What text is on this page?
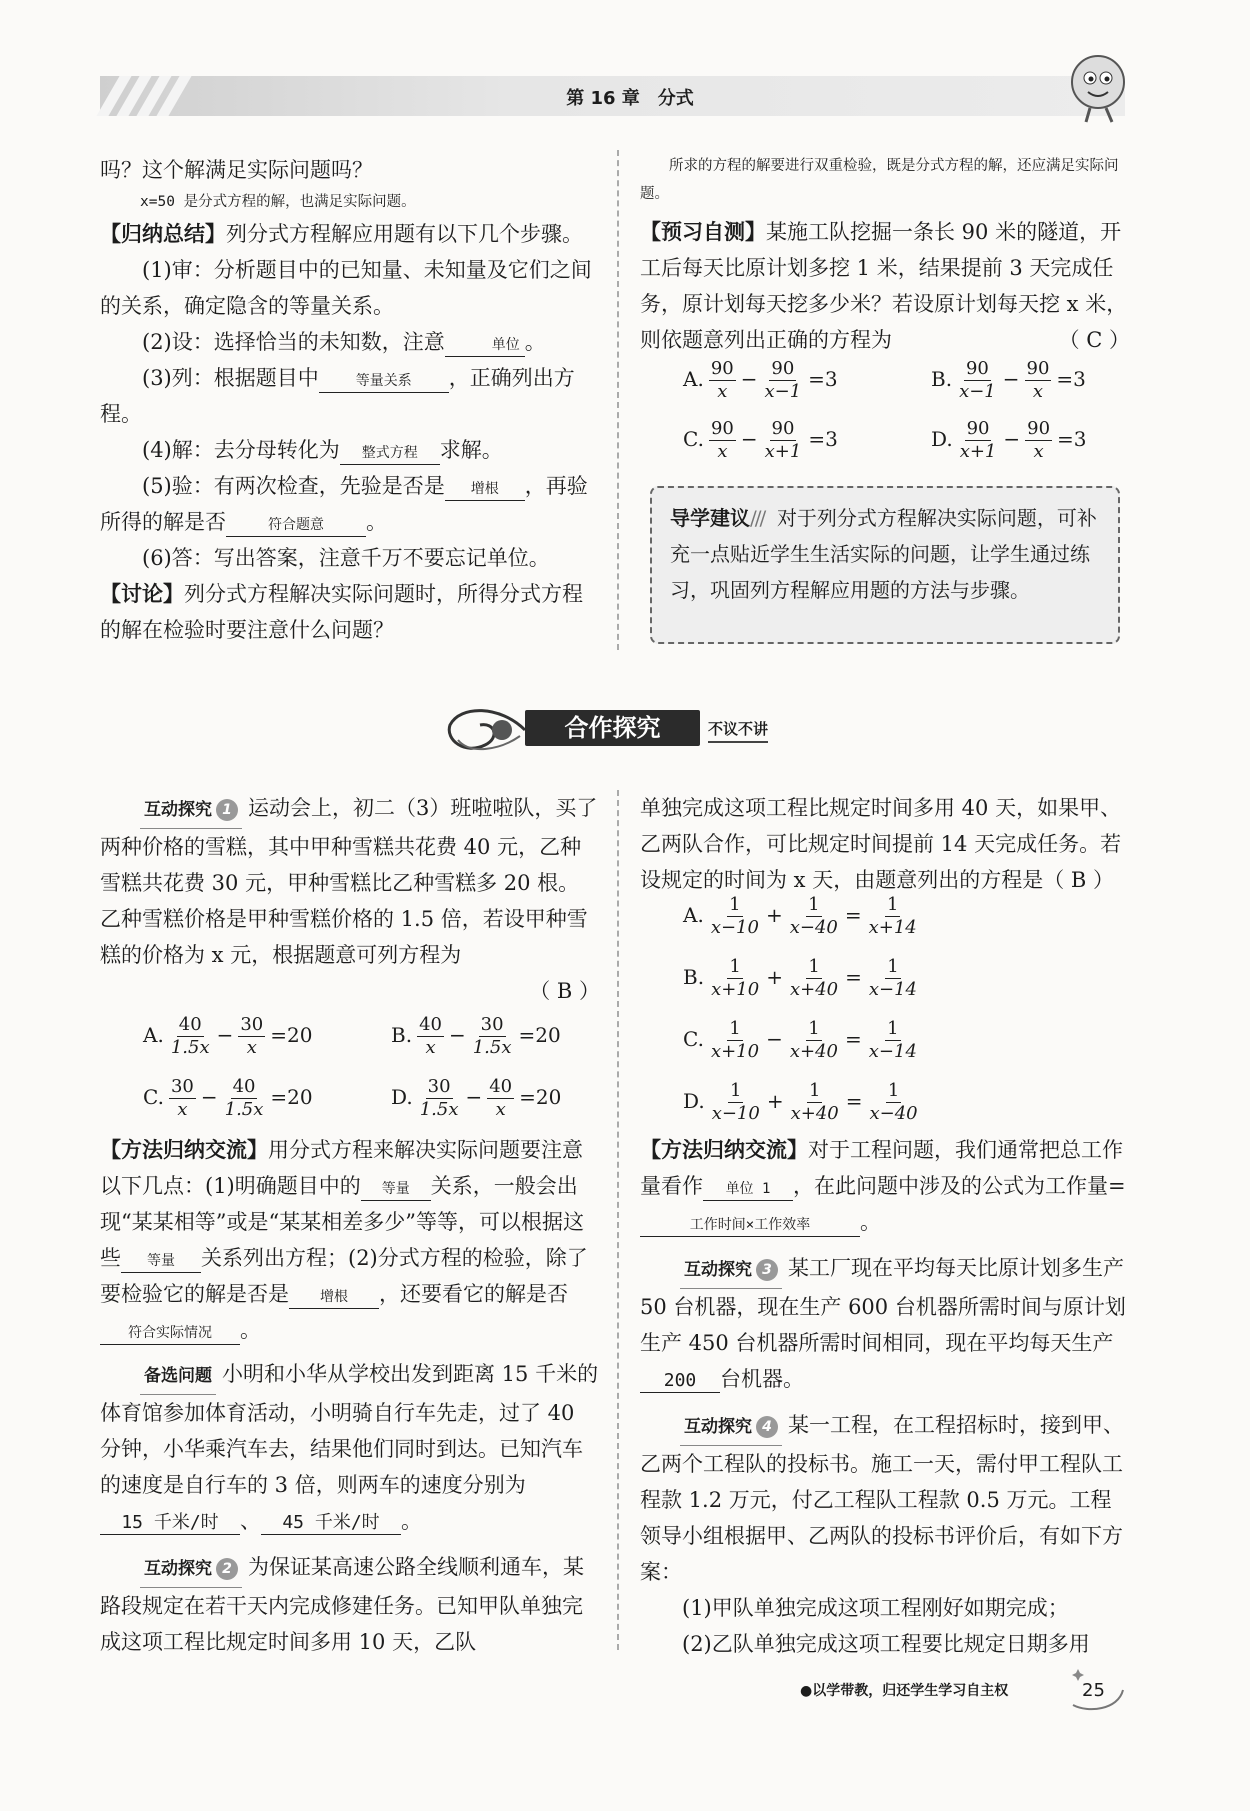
第 16 章　分式

吗？这个解满足实际问题吗？

x=50 是分式方程的解，也满足实际问题。

【归纳总结】列分式方程解应用题有以下几个步骤。

(1)审：分析题目中的已知量、未知量及它们之间的关系，确定隐含的等量关系。

(2)设：选择恰当的未知数，注意	单位 。

(3)列：根据题目中	等量关系 ，正确列出方程。

(4)解：去分母转化为 整式方程 求解。

(5)验：有两次检查，先验是否是 增根 ，再验所得的解是否	符合题意 。

(6)答：写出答案，注意千万不要忘记单位。

【讨论】列分式方程解决实际问题时，所得分式方程的解在检验时要注意什么问题？

所求的方程的解要进行双重检验，既是分式方程的解，还应满足实际问题。

【预习自测】某施工队挖掘一条长 90 米的隧道，开工后每天比原计划多挖 1 米，结果提前 3 天完成任务，原计划每天挖多少米？若设原计划每天挖 x 米，则依题意列出正确的方程为	（ C ）

导学建议/// 对于列分式方程解决实际问题，可补充一点贴近学生生活实际的问题，让学生通过练习，巩固列方程解应用题的方法与步骤。
合作探究	不议不讲

互动探究 1 运动会上，初二（3）班啦啦队，买了两种价格的雪糕，其中甲种雪糕共花费 40 元，乙种雪糕共花费 30 元，甲种雪糕比乙种雪糕多 20 根。乙种雪糕价格是甲种雪糕价格的 1.5 倍，若设甲种雪糕的价格为 x 元，根据题意可列方程为

（ B ）

【方法归纳交流】用分式方程来解决实际问题要注意以下几点：(1)明确题目中的 等量 关系，一般会出现“某某相等”或是“某某相差多少”等等，可以根据这些 等量 关系列出方程；(2)分式方程的检验，除了要检验它的解是否是 增根 ，还要看它的解是否符合实际情况 。

备选问题 小明和小华从学校出发到距离 15 千米的体育馆参加体育活动，小明骑自行车先走，过了 40 分钟，小华乘汽车去，结果他们同时到达。已知汽车的速度是自行车的 3 倍，则两车的速度分别为15 千米/时 、 45 千米/时 。

互动探究 2 为保证某高速公路全线顺利通车，某路段规定在若干天内完成修建任务。已知甲队单独完成这项工程比规定时间多用 10 天，乙队

单独完成这项工程比规定时间多用 40 天，如果甲、乙两队合作，可比规定时间提前 14 天完成任务。若设规定的时间为 x 天，由题意列出的方程是（ B ）

【方法归纳交流】对于工程问题，我们通常把总工作量看作 单位 1 ，在此问题中涉及的公式为工作量=工作时间×工作效率 。

互动探究 3 某工厂现在平均每天比原计划多生产 50 台机器，现在生产 600 台机器所需时间与原计划生产 450 台机器所需时间相同，现在平均每天生产200 台机器。

互动探究 4 某一工程，在工程招标时，接到甲、乙两个工程队的投标书。施工一天，需付甲工程队工程款 1.2 万元，付乙工程队工程款 0.5 万元。工程领导小组根据甲、乙两队的投标书评价后，有如下方案：

(1)甲队单独完成这项工程刚好如期完成；

(2)乙队单独完成这项工程要比规定日期多用

●以学带教，归还学生学习自主权	25
A. $\frac{90}{x} - \frac{90}{x-1} =3$	B. $\frac{90}{x-1} - \frac{90}{x} =3$
C. $\frac{90}{x} - \frac{90}{x+1} =3$	D. $\frac{90}{x+1} - \frac{90}{x} =3$
A. $\frac{40}{1.5x} - \frac{30}{x} =20$	B. $\frac{40}{x} - \frac{30}{1.5x} =20$
C. $\frac{30}{x} - \frac{40}{1.5x} =20$	D. $\frac{30}{1.5x} - \frac{40}{x} =20$
A. $\frac{1}{x-10} + \frac{1}{x-40} = \frac{1}{x+14}$
B. $\frac{1}{x+10} + \frac{1}{x+40} = \frac{1}{x-14}$
C. $\frac{1}{x+10} - \frac{1}{x+40} = \frac{1}{x-14}$
D. $\frac{1}{x-10} + \frac{1}{x+40} = \frac{1}{x-40}$
